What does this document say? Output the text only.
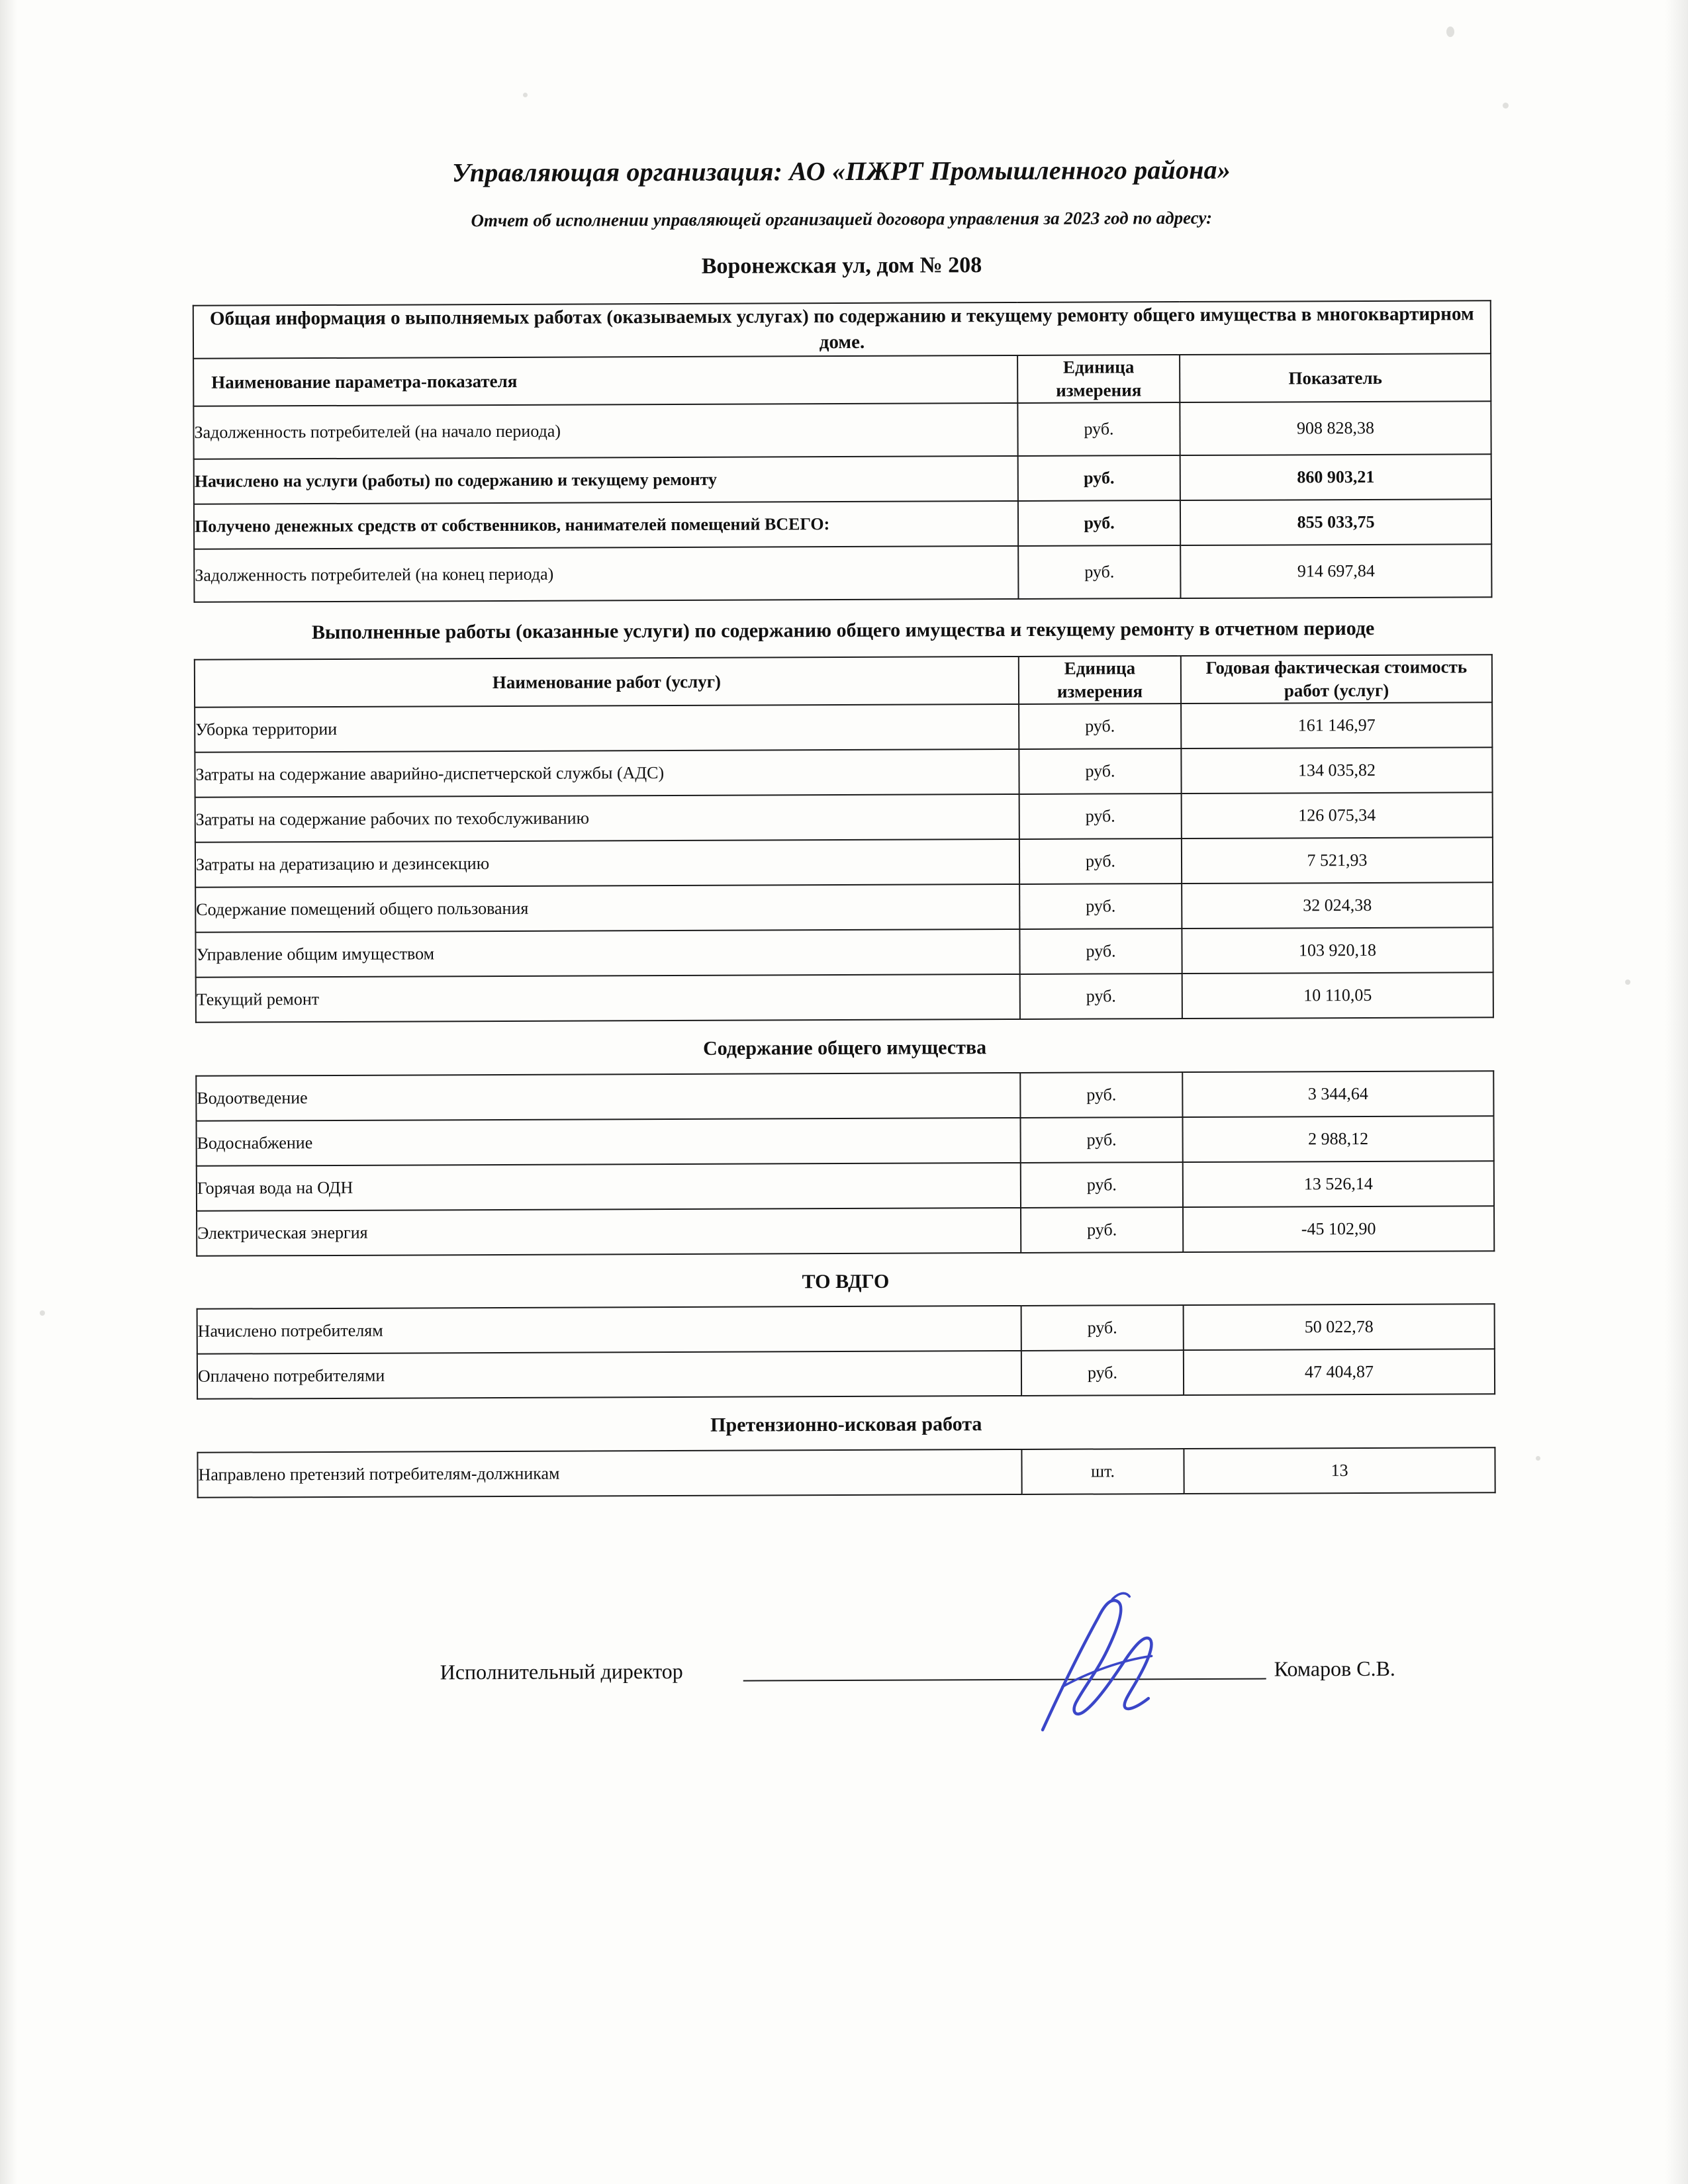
Управляющая организация: АО «ПЖРТ Промышленного района»
Отчет об исполнении управляющей организацией договора управления за 2023 год по адресу:
Воронежская ул, дом № 208
Общая информация о выполняемых работах (оказываемых услугах) по содержанию и текущему ремонту общего имущества в многоквартирном доме.		
Наименование параметра-показателя	Единица измерения	Показатель
Задолженность потребителей (на начало периода)	руб.	908 828,38
Начислено на услуги (работы) по содержанию и текущему ремонту	руб.	860 903,21
Получено денежных средств от собственников, нанимателей помещений ВСЕГО:	руб.	855 033,75
Задолженность потребителей (на конец периода)	руб.	914 697,84
Выполненные работы (оказанные услуги) по содержанию общего имущества и текущему ремонту в отчетном периоде
Наименование работ (услуг)	Единица измерения	Годовая фактическая стоимость работ (услуг)
Уборка территории	руб.	161 146,97
Затраты на содержание аварийно-диспетчерской службы (АДС)	руб.	134 035,82
Затраты на содержание рабочих по техобслуживанию	руб.	126 075,34
Затраты на дератизацию и дезинсекцию	руб.	7 521,93
Содержание помещений общего пользования	руб.	32 024,38
Управление общим имуществом	руб.	103 920,18
Текущий ремонт	руб.	10 110,05
Содержание общего имущества
Водоотведение	руб.	3 344,64
Водоснабжение	руб.	2 988,12
Горячая вода на ОДН	руб.	13 526,14
Электрическая энергия	руб.	-45 102,90
ТО ВДГО
Начислено потребителям	руб.	50 022,78
Оплачено потребителями	руб.	47 404,87
Претензионно-исковая работа
Направлено претензий потребителям-должникам	шт.	13
Исполнительный директор	Комаров С.В.
